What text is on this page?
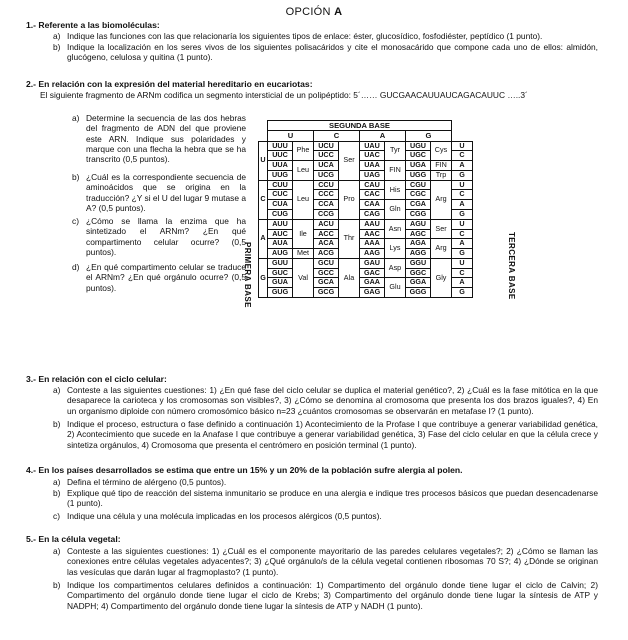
OPCIÓN A
1.- Referente a las biomoléculas:
a) Indique las funciones con las que relacionaría los siguientes tipos de enlace: éster, glucosídico, fosfodiéster, peptídico (1 punto).
b) Indique la localización en los seres vivos de los siguientes polisacáridos y cite el monosacárido que compone cada uno de ellos: almidón, glucógeno, celulosa y quitina (1 punto).
2.- En relación con la expresión del material hereditario en eucariotas:
El siguiente fragmento de ARNm codifica un segmento intersticial de un polipéptido: 5´…… GUCGAACAUUAUCAGACAUUC …..3´
a) Determine la secuencia de las dos hebras del fragmento de ADN del que proviene este ARN. Indique sus polaridades y marque con una flecha la hebra que se ha transcrito (0,5 puntos).
b) ¿Cuál es la correspondiente secuencia de aminoácidos que se origina en la traducción? ¿Y si el U del lugar 9 mutase a A? (0,5 puntos).
c) ¿Cómo se llama la enzima que ha sintetizado el ARNm? ¿En qué compartimento celular ocurre? (0,5 puntos).
d) ¿En qué compartimento celular se traduce el ARNm? ¿En qué orgánulo ocurre? (0,5 puntos).	PRIMERA BASE	TERCERA BASE
	SEGUNDA BASE								
	U		C		A		G		
U	UUU	Phe	UCU	Ser	UAU	Tyr	UGU	Cys	U
	UUC		UCC		UAC		UGC		C
	UUA	Leu	UCA		UAA	FIN	UGA	FIN	A
	UUG		UCG		UAG		UGG	Trp	G
C	CUU	Leu	CCU	Pro	CAU	His	CGU	Arg	U
	CUC		CCC		CAC		CGC		C
	CUA		CCA		CAA	Gln	CGA		A
	CUG		CCG		CAG		CGG		G
A	AUU	Ile	ACU	Thr	AAU	Asn	AGU	Ser	U
	AUC		ACC		AAC		AGC		C
	AUA		ACA		AAA	Lys	AGA	Arg	A
	AUG	Met	ACG		AAG		AGG		G
G	GUU	Val	GCU	Ala	GAU	Asp	GGU	Gly	U
	GUC		GCC		GAC		GGC		C
	GUA		GCA		GAA	Glu	GGA		A
	GUG		GCG		GAG		GGG		G
3.- En relación con el ciclo celular:
a) Conteste a las siguientes cuestiones: 1) ¿En qué fase del ciclo celular se duplica el material genético?, 2) ¿Cuál es la fase mitótica en la que desaparece la carioteca y los cromosomas son visibles?, 3) ¿Cómo se denomina al cromosoma que presenta los dos brazos iguales?, 4) En un organismo diploide con número cromosómico básico n=23 ¿cuántos cromosomas se observarán en metafase I? (1 punto).
b) Indique el proceso, estructura o fase definido a continuación 1) Acontecimiento de la Profase I que contribuye a generar variabilidad genética, 2) Acontecimiento que sucede en la Anafase I que contribuye a generar variabilidad genética, 3) Fase del ciclo celular en que la célula crece y sintetiza orgánulos, 4) Cromosoma que presenta el centrómero en posición terminal (1 punto).
4.- En los países desarrollados se estima que entre un 15% y un 20% de la población sufre alergia al polen.
a) Defina el término de alérgeno (0,5 puntos).
b) Explique qué tipo de reacción del sistema inmunitario se produce en una alergia e indique tres procesos básicos que puedan desencadenarse (1 punto).
c) Indique una célula y una molécula implicadas en los procesos alérgicos (0,5 puntos).
5.- En la célula vegetal:
a) Conteste a las siguientes cuestiones: 1) ¿Cuál es el componente mayoritario de las paredes celulares vegetales?; 2) ¿Cómo se llaman las conexiones entre células vegetales adyacentes?; 3) ¿Qué orgánulo/s de la célula vegetal contienen ribosomas 70 S?; 4) ¿Dónde se originan las vesículas que darán lugar al fragmoplasto? (1 punto).
b) Indique los compartimentos celulares definidos a continuación: 1) Compartimento del orgánulo donde tiene lugar el ciclo de Calvin; 2) Compartimento del orgánulo donde tiene lugar el ciclo de Krebs; 3) Compartimento del orgánulo donde tiene lugar la síntesis de ATP y NADPH; 4) Compartimento del orgánulo donde tiene lugar la síntesis de ATP y NADH (1 punto).
